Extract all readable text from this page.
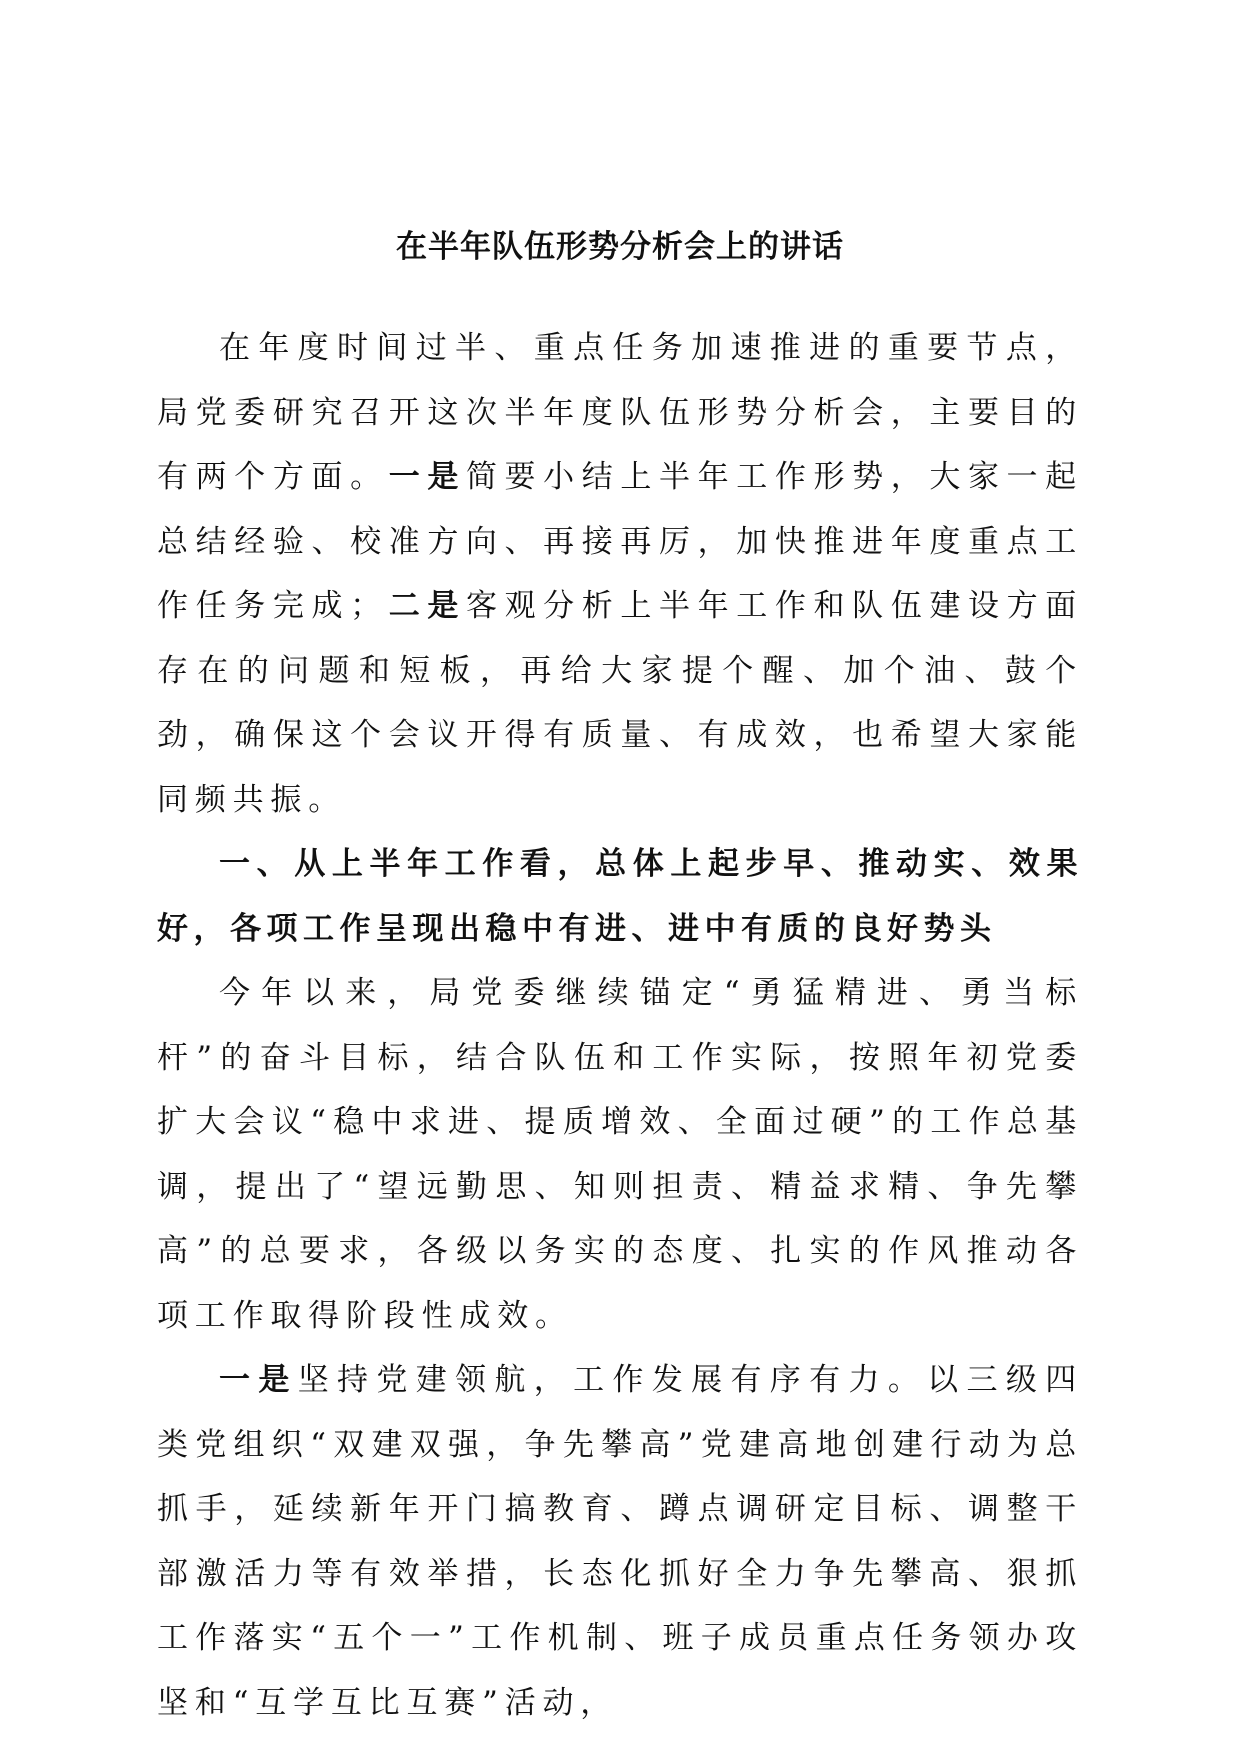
在半年队伍形势分析会上的讲话

在年度时间过半、重点任务加速推进的重要节点，局党委研究召开这次半年度队伍形势分析会，主要目的有两个方面。一是简要小结上半年工作形势，大家一起总结经验、校准方向、再接再厉，加快推进年度重点工作任务完成；二是客观分析上半年工作和队伍建设方面存在的问题和短板，再给大家提个醒、加个油、鼓个劲，确保这个会议开得有质量、有成效，也希望大家能同频共振。

一、从上半年工作看，总体上起步早、推动实、效果好，各项工作呈现出稳中有进、进中有质的良好势头

今年以来，局党委继续锚定“勇猛精进、勇当标杆”的奋斗目标，结合队伍和工作实际，按照年初党委扩大会议“稳中求进、提质增效、全面过硬”的工作总基调，提出了“望远勤思、知则担责、精益求精、争先攀高”的总要求，各级以务实的态度、扎实的作风推动各项工作取得阶段性成效。

一是坚持党建领航，工作发展有序有力。以三级四类党组织“双建双强，争先攀高”党建高地创建行动为总抓手，延续新年开门搞教育、蹲点调研定目标、调整干部激活力等有效举措，长态化抓好全力争先攀高、狠抓工作落实“五个一”工作机制、班子成员重点任务领办攻坚和“互学互比互赛”活动，
